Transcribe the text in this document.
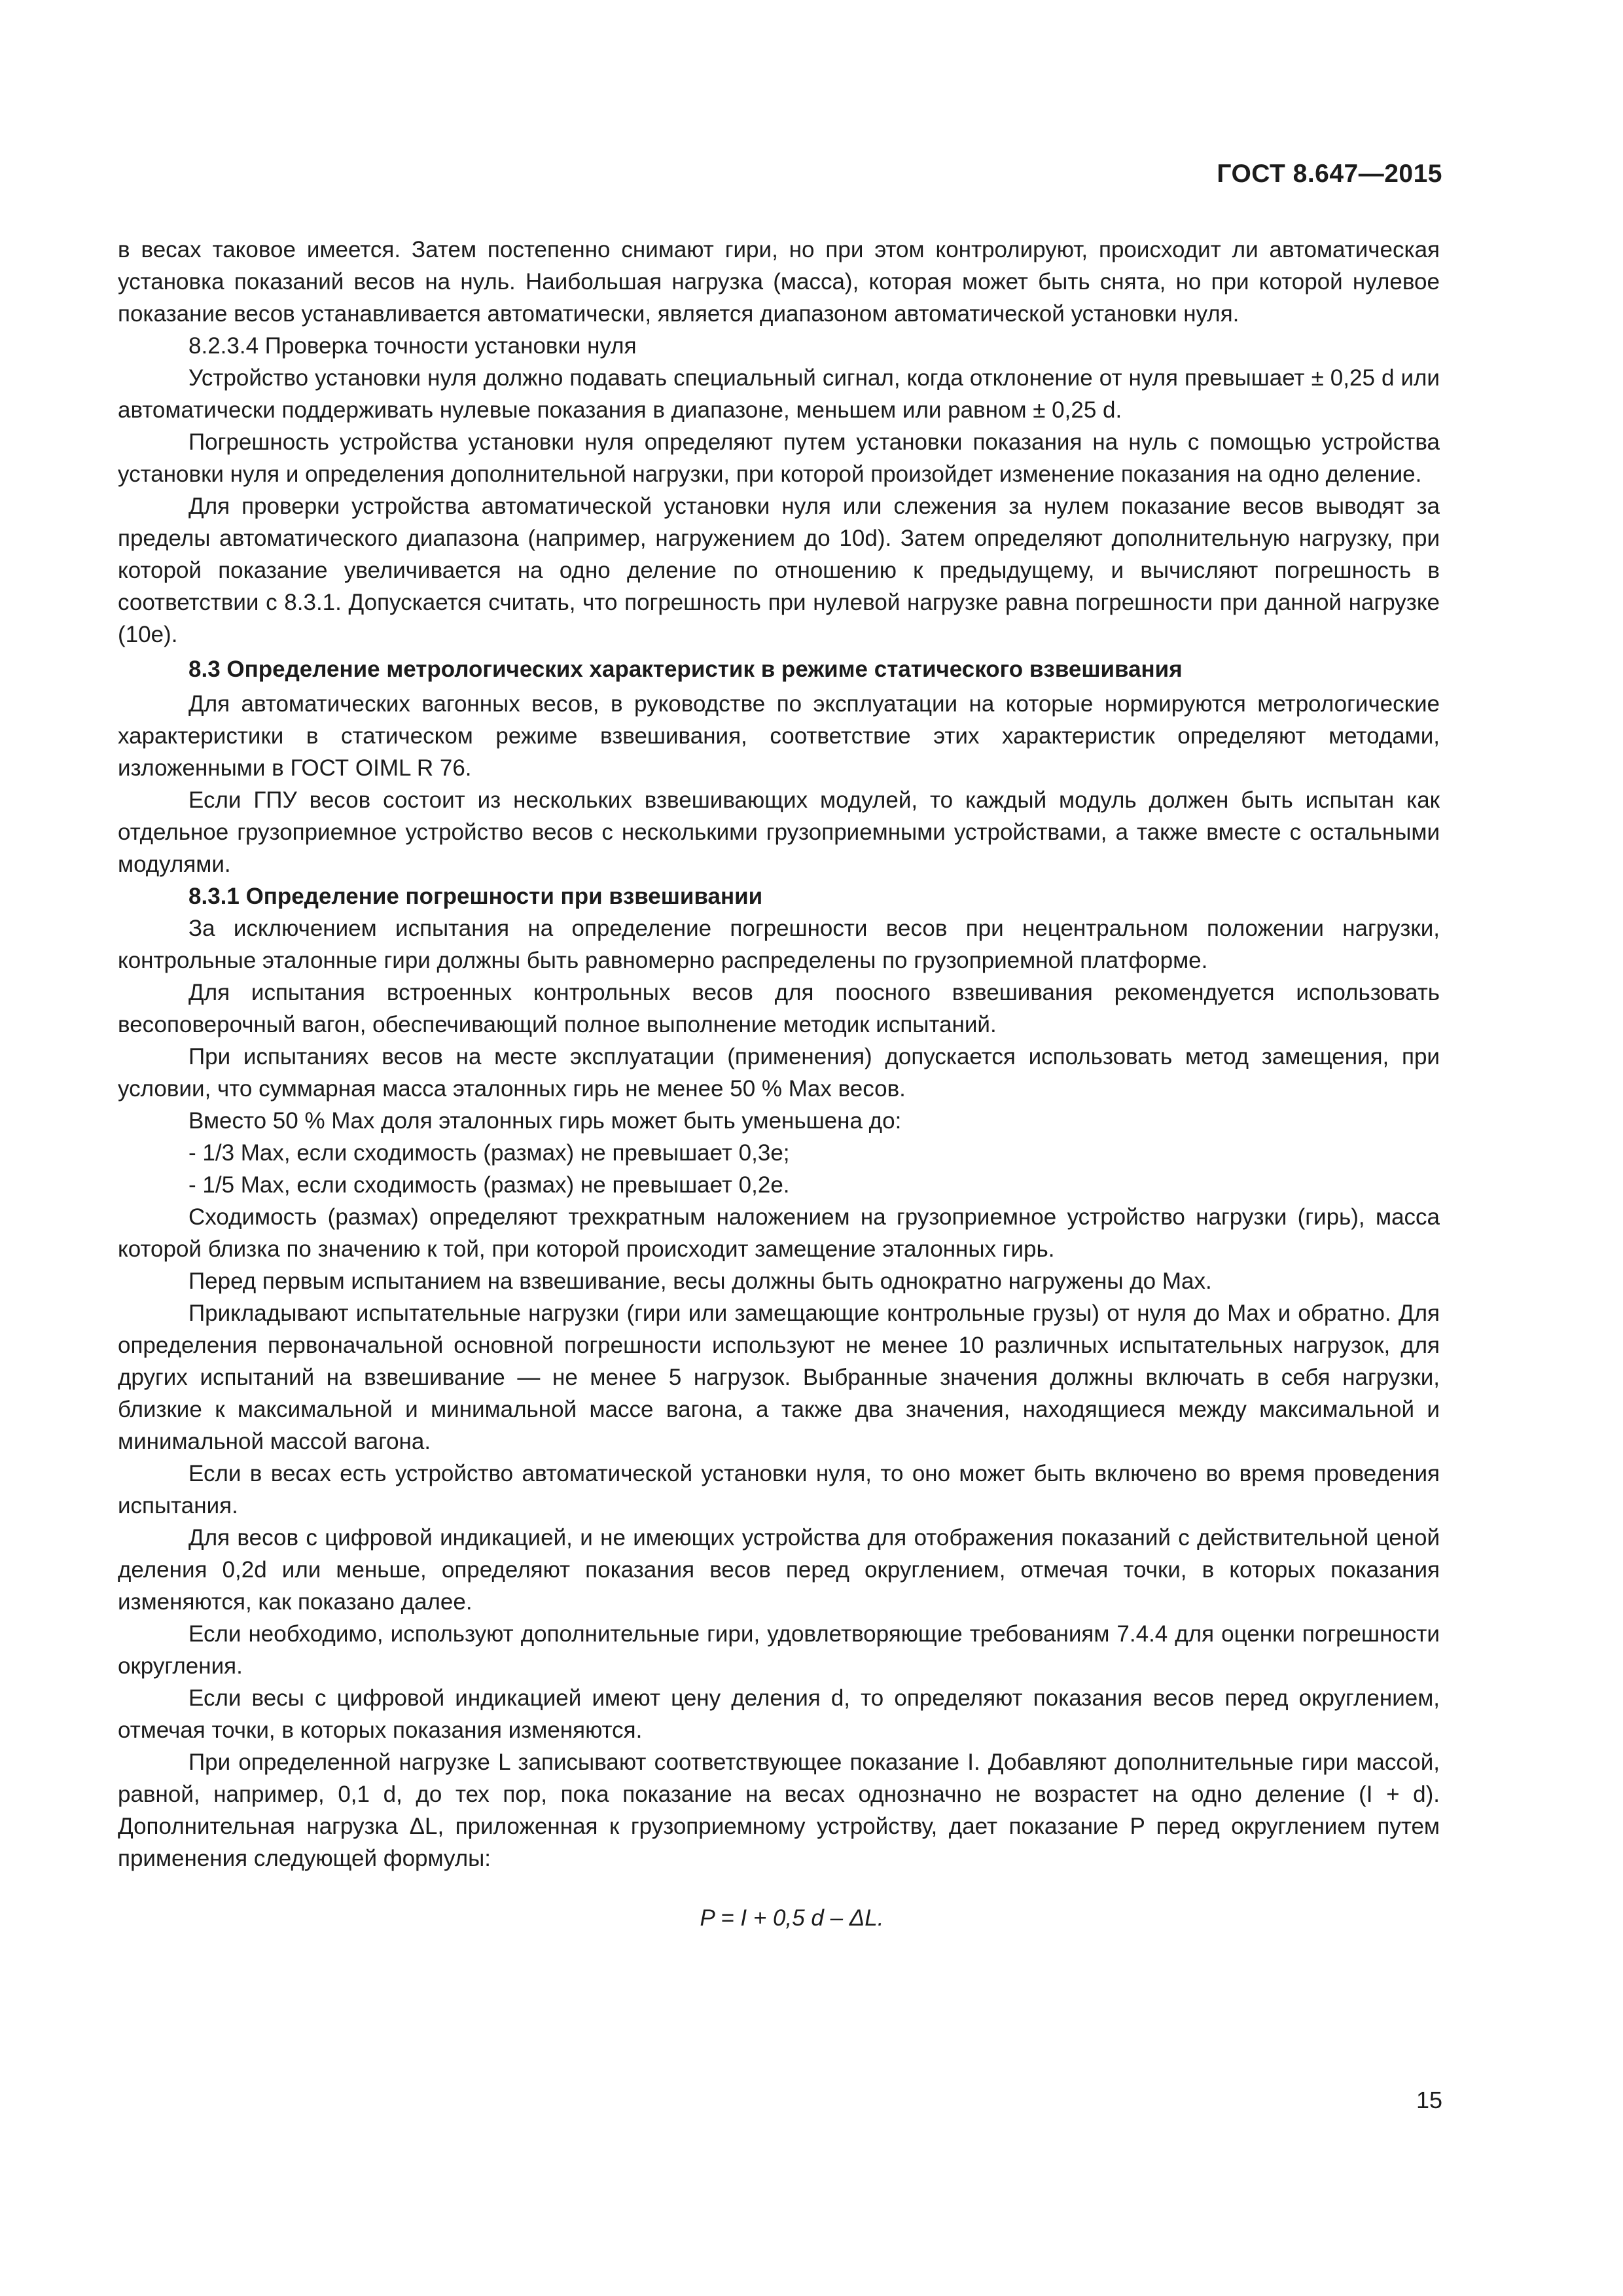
ГОСТ 8.647—2015

в весах таковое имеется. Затем постепенно снимают гири, но при этом контролируют, происходит ли автоматическая установка показаний весов на нуль. Наибольшая нагрузка (масса), которая может быть снята, но при которой нулевое показание весов устанавливается автоматически, является диапазоном автоматической установки нуля.

8.2.3.4 Проверка точности установки нуля

Устройство установки нуля должно подавать специальный сигнал, когда отклонение от нуля превышает ± 0,25 d или автоматически поддерживать нулевые показания в диапазоне, меньшем или равном ± 0,25 d.

Погрешность устройства установки нуля определяют путем установки показания на нуль с помощью устройства установки нуля и определения дополнительной нагрузки, при которой произойдет изменение показания на одно деление.

Для проверки устройства автоматической установки нуля или слежения за нулем показание весов выводят за пределы автоматического диапазона (например, нагружением до 10d). Затем определяют дополнительную нагрузку, при которой показание увеличивается на одно деление по отношению к предыдущему, и вычисляют погрешность в соответствии с 8.3.1. Допускается считать, что погрешность при нулевой нагрузке равна погрешности при данной нагрузке (10е).

8.3 Определение метрологических характеристик в режиме статического взвешивания

Для автоматических вагонных весов, в руководстве по эксплуатации на которые нормируются метрологические характеристики в статическом режиме взвешивания, соответствие этих характеристик определяют методами, изложенными в ГОСТ OIML R 76.

Если ГПУ весов состоит из нескольких взвешивающих модулей, то каждый модуль должен быть испытан как отдельное грузоприемное устройство весов с несколькими грузоприемными устройствами, а также вместе с остальными модулями.

8.3.1 Определение погрешности при взвешивании

За исключением испытания на определение погрешности весов при нецентральном положении нагрузки, контрольные эталонные гири должны быть равномерно распределены по грузоприемной платформе.

Для испытания встроенных контрольных весов для поосного взвешивания рекомендуется использовать весоповерочный вагон, обеспечивающий полное выполнение методик испытаний.

При испытаниях весов на месте эксплуатации (применения) допускается использовать метод замещения, при условии, что суммарная масса эталонных гирь не менее 50 % Max весов.

Вместо 50 % Max доля эталонных гирь может быть уменьшена до:

- 1/3 Max, если сходимость (размах) не превышает 0,3е;

- 1/5 Max, если сходимость (размах) не превышает 0,2е.

Сходимость (размах) определяют трехкратным наложением на грузоприемное устройство нагрузки (гирь), масса которой близка по значению к той, при которой происходит замещение эталонных гирь.

Перед первым испытанием на взвешивание, весы должны быть однократно нагружены до Max.

Прикладывают испытательные нагрузки (гири или замещающие контрольные грузы) от нуля до Max и обратно. Для определения первоначальной основной погрешности используют не менее 10 различных испытательных нагрузок, для других испытаний на взвешивание — не менее 5 нагрузок. Выбранные значения должны включать в себя нагрузки, близкие к максимальной и минимальной массе вагона, а также два значения, находящиеся между максимальной и минимальной массой вагона.

Если в весах есть устройство автоматической установки нуля, то оно может быть включено во время проведения испытания.

Для весов с цифровой индикацией, и не имеющих устройства для отображения показаний с действительной ценой деления 0,2d или меньше, определяют показания весов перед округлением, отмечая точки, в которых показания изменяются, как показано далее.

Если необходимо, используют дополнительные гири, удовлетворяющие требованиям 7.4.4 для оценки погрешности округления.

Если весы с цифровой индикацией имеют цену деления d, то определяют показания весов перед округлением, отмечая точки, в которых показания изменяются.

При определенной нагрузке L записывают соответствующее показание I. Добавляют дополнительные гири массой, равной, например, 0,1 d, до тех пор, пока показание на весах однозначно не возрастет на одно деление (I + d). Дополнительная нагрузка ΔL, приложенная к грузоприемному устройству, дает показание P перед округлением путем применения следующей формулы:

P = I + 0,5 d – ΔL.
15
